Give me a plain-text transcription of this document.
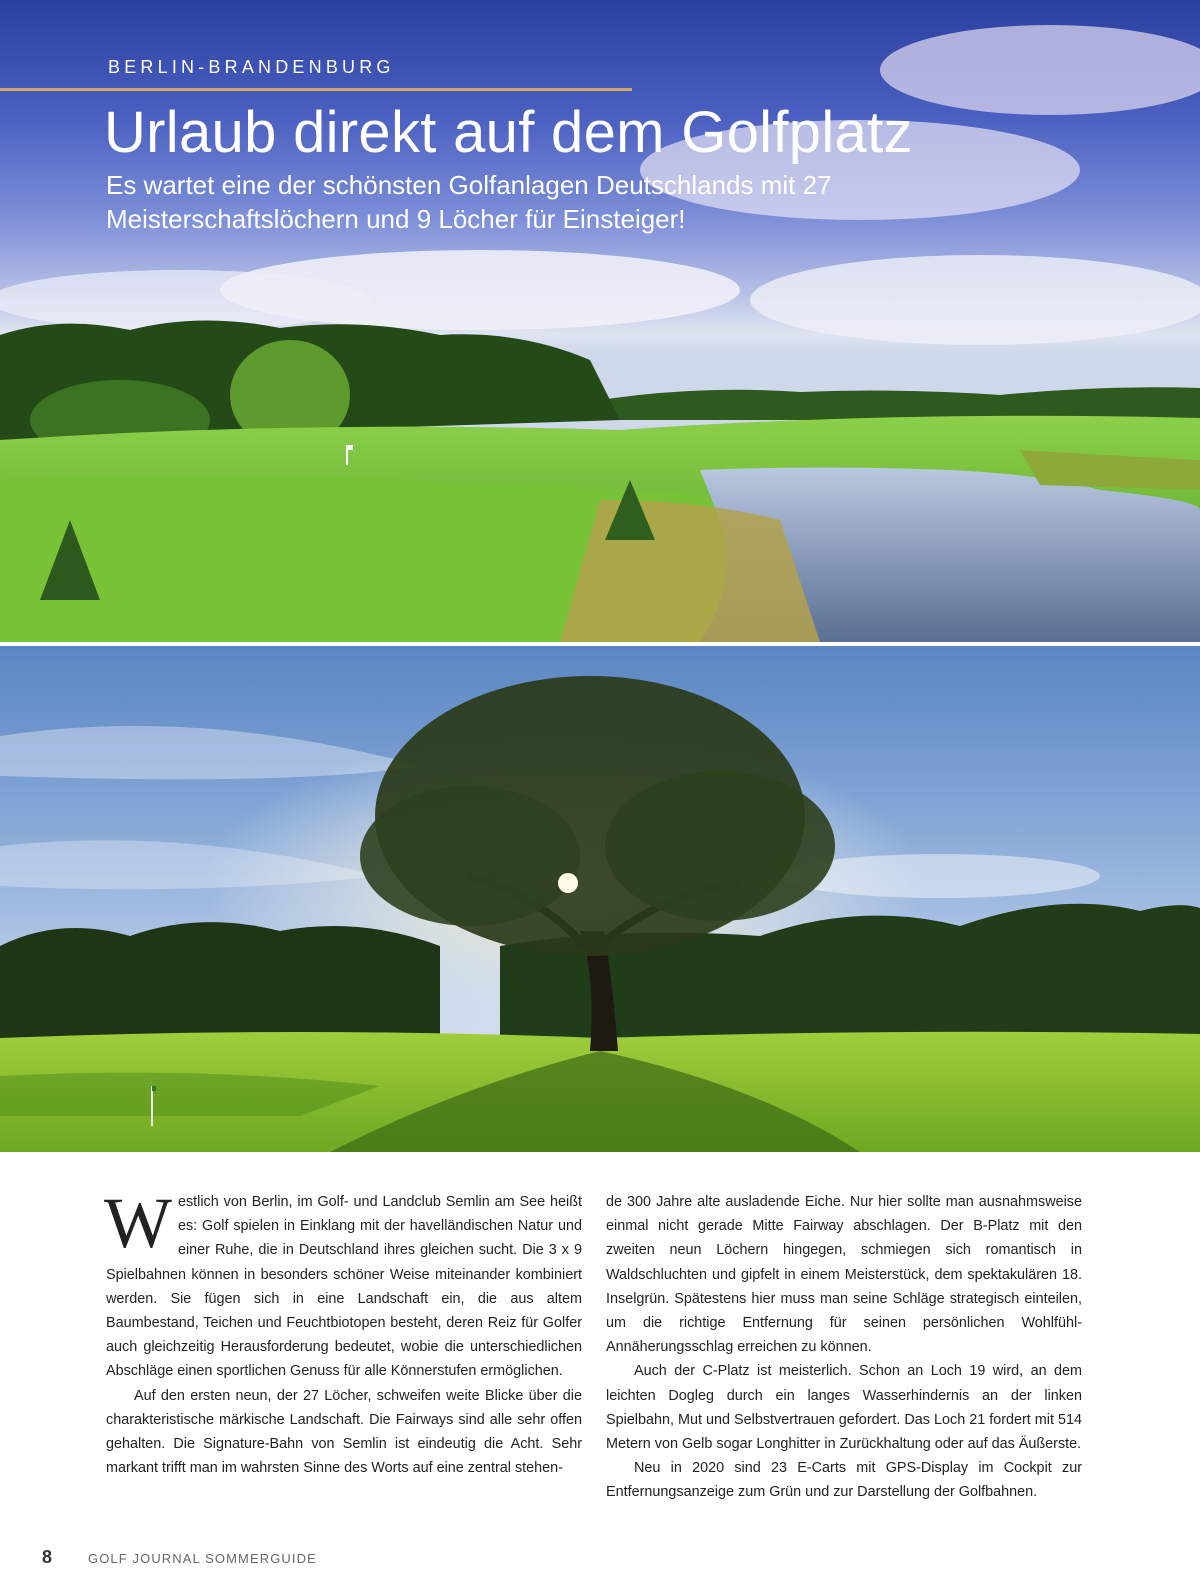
BERLIN-BRANDENBURG
Urlaub direkt auf dem Golfplatz

Es wartet eine der schönsten Golfanlagen Deutschlands mit 27 Meisterschaftslöchern und 9 Löcher für Einsteiger!

Westlich von Berlin, im Golf- und Landclub Semlin am See heißt es: Golf spielen in Einklang mit der havelländischen Natur und einer Ruhe, die in Deutschland ihres gleichen sucht. Die 3 x 9 Spielbahnen können in besonders schöner Weise miteinander kombiniert werden. Sie fügen sich in eine Landschaft ein, die aus altem Baumbestand, Teichen und Feuchtbiotopen besteht, deren Reiz für Golfer auch gleichzeitig Herausforderung bedeutet, wobie die unterschiedlichen Abschläge einen sportlichen Genuss für alle Könnerstufen ermöglichen.

Auf den ersten neun, der 27 Löcher, schweifen weite Blicke über die charakteristische märkische Landschaft. Die Fairways sind alle sehr offen gehalten. Die Signature-Bahn von Semlin ist eindeutig die Acht. Sehr markant trifft man im wahrsten Sinne des Worts auf eine zentral stehen-

de 300 Jahre alte ausladende Eiche. Nur hier sollte man ausnahmsweise einmal nicht gerade Mitte Fairway abschlagen. Der B-Platz mit den zweiten neun Löchern hingegen, schmiegen sich romantisch in Waldschluchten und gipfelt in einem Meisterstück, dem spektakulären 18. Inselgrün. Spätestens hier muss man seine Schläge strategisch einteilen, um die richtige Entfernung für seinen persönlichen Wohlfühl-Annäherungsschlag erreichen zu können.

Auch der C-Platz ist meisterlich. Schon an Loch 19 wird, an dem leichten Dogleg durch ein langes Wasserhindernis an der linken Spielbahn, Mut und Selbstvertrauen gefordert. Das Loch 21 fordert mit 514 Metern von Gelb sogar Longhitter in Zurückhaltung oder auf das Äußerste.

Neu in 2020 sind 23 E-Carts mit GPS-Display im Cockpit zur Entfernungsanzeige zum Grün und zur Darstellung der Golfbahnen.

8	GOLF JOURNAL SOMMERGUIDE
